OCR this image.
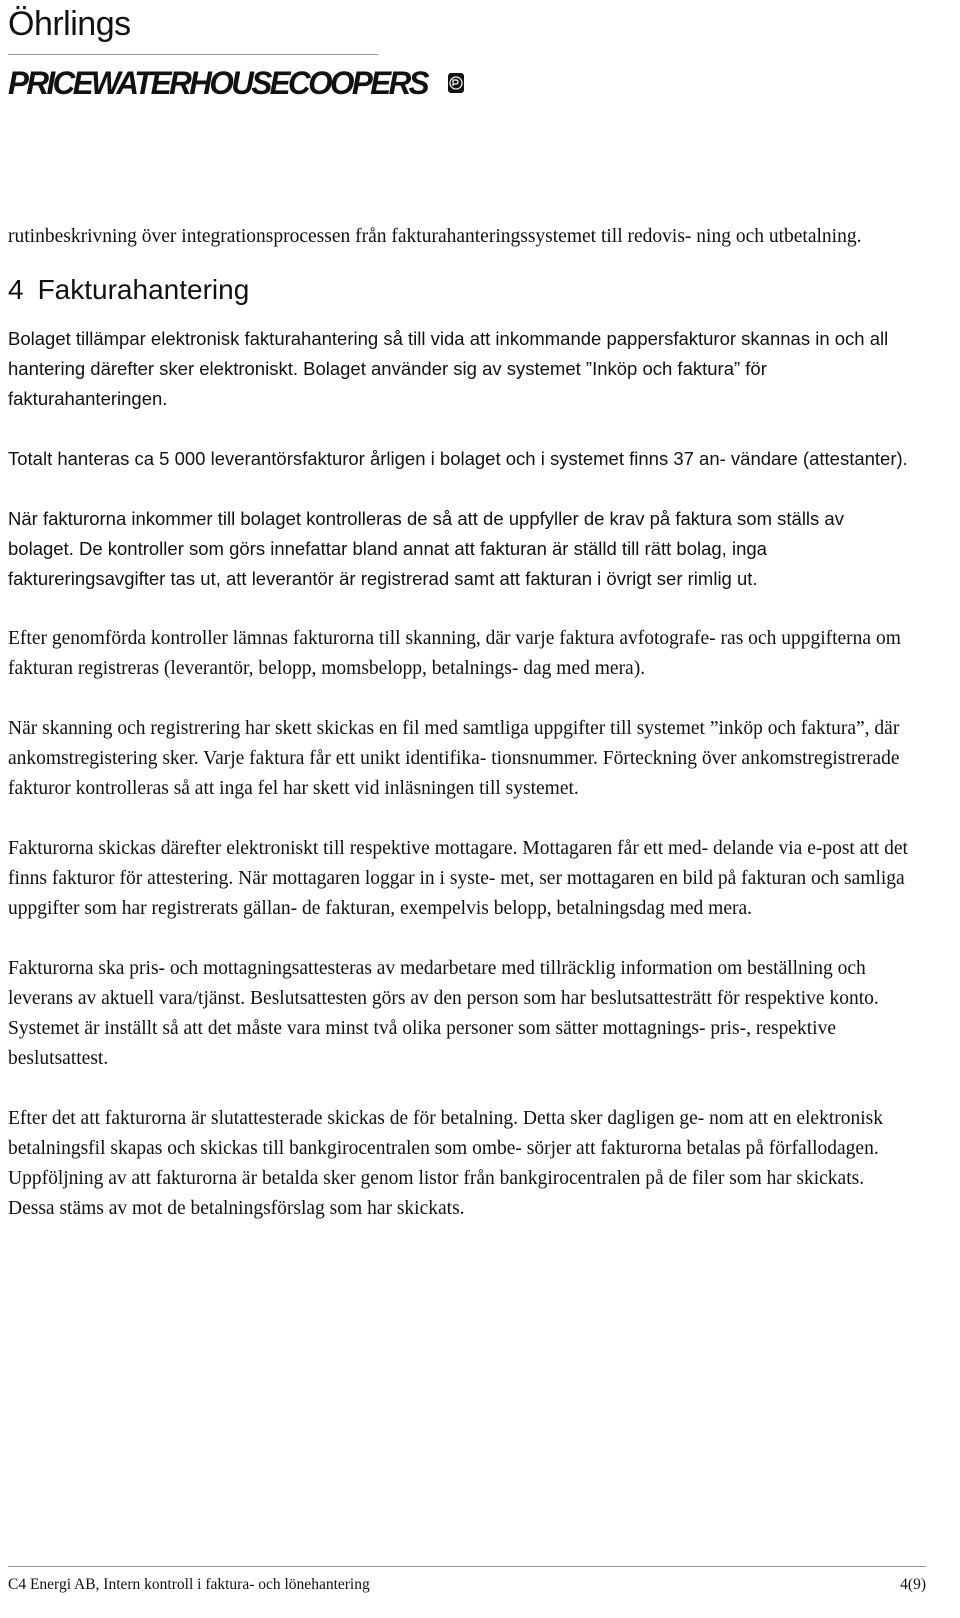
Öhrlings
PRICEWATERHOUSECOOPERS

rutinbeskrivning över integrationsprocessen från fakturahanteringssystemet till redovis- ning och utbetalning.

4 Fakturahantering

Bolaget tillämpar elektronisk fakturahantering så till vida att inkommande pappersfakturor skannas in och all hantering därefter sker elektroniskt. Bolaget använder sig av systemet ”Inköp och faktura” för fakturahanteringen.

Totalt hanteras ca 5 000 leverantörsfakturor årligen i bolaget och i systemet finns 37 an- vändare (attestanter).

När fakturorna inkommer till bolaget kontrolleras de så att de uppfyller de krav på faktura som ställs av bolaget. De kontroller som görs innefattar bland annat att fakturan är ställd till rätt bolag, inga faktureringsavgifter tas ut, att leverantör är registrerad samt att fakturan i övrigt ser rimlig ut.

Efter genomförda kontroller lämnas fakturorna till skanning, där varje faktura avfotografe- ras och uppgifterna om fakturan registreras (leverantör, belopp, momsbelopp, betalnings- dag med mera).

När skanning och registrering har skett skickas en fil med samtliga uppgifter till systemet ”inköp och faktura”, där ankomstregistering sker. Varje faktura får ett unikt identifika- tionsnummer. Förteckning över ankomstregistrerade fakturor kontrolleras så att inga fel har skett vid inläsningen till systemet.

Fakturorna skickas därefter elektroniskt till respektive mottagare. Mottagaren får ett med- delande via e-post att det finns fakturor för attestering. När mottagaren loggar in i syste- met, ser mottagaren en bild på fakturan och samliga uppgifter som har registrerats gällan- de fakturan, exempelvis belopp, betalningsdag med mera.

Fakturorna ska pris- och mottagningsattesteras av medarbetare med tillräcklig information om beställning och leverans av aktuell vara/tjänst. Beslutsattesten görs av den person som har beslutsattesträtt för respektive konto. Systemet är inställt så att det måste vara minst två olika personer som sätter mottagnings- pris-, respektive beslutsattest.

Efter det att fakturorna är slutattesterade skickas de för betalning. Detta sker dagligen ge- nom att en elektronisk betalningsfil skapas och skickas till bankgirocentralen som ombe- sörjer att fakturorna betalas på förfallodagen. Uppföljning av att fakturorna är betalda sker genom listor från bankgirocentralen på de filer som har skickats. Dessa stäms av mot de betalningsförslag som har skickats.

C4 Energi AB, Intern kontroll i faktura- och lönehantering	4(9)
